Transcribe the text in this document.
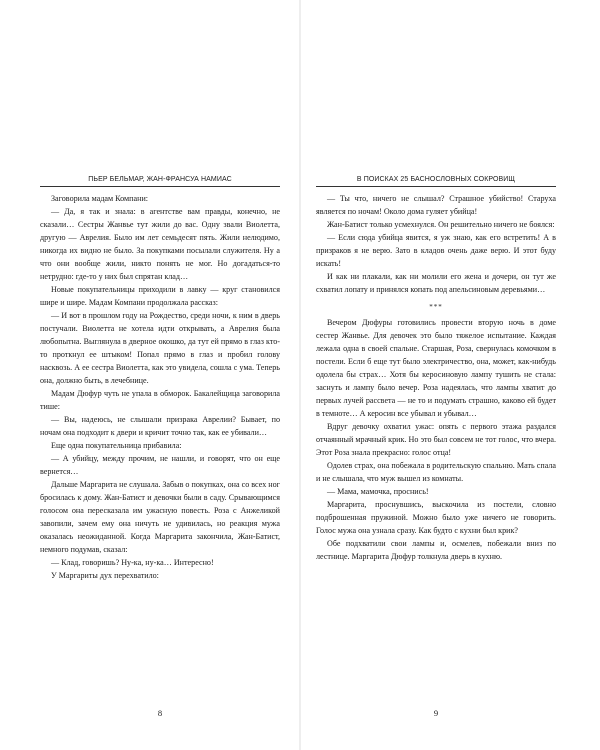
ПЬЕР БЕЛЬМАР, ЖАН-ФРАНСУА НАМИАС

Заговорила мадам Компани:

— Да, я так и знала: в агентстве вам правды, конечно, не сказали… Сестры Жанвье тут жили до вас. Одну звали Виолетта, другую — Аврелия. Было им лет семьдесят пять. Жили нелюдимо, никогда их видно не было. За покупками посылали служителя. Ну а что они вообще жили, никто понять не мог. Но догадаться-то нетрудно: где-то у них был спрятан клад…

Новые покупательницы приходили в лавку — круг становился шире и шире. Мадам Компани продолжала рассказ:

— И вот в прошлом году на Рождество, среди ночи, к ним в дверь постучали. Виолетта не хотела идти открывать, а Аврелия была любопытна. Выглянула в дверное окошко, да тут ей прямо в глаз кто-то проткнул ее штыком! Попал прямо в глаз и пробил голову насквозь. А ее сестра Виолетта, как это увидела, сошла с ума. Теперь она, должно быть, в лечебнице.

Мадам Дюфур чуть не упала в обморок. Бакалейщица заговорила тише:

— Вы, надеюсь, не слышали призрака Аврелии? Бывает, по ночам она подходит к двери и кричит точно так, как ее убивали…

Еще одна покупательница прибавила:

— А убийцу, между прочим, не нашли, и говорят, что он еще вернется…

Дальше Маргарита не слушала. Забыв о покупках, она со всех ног бросилась к дому. Жан-Батист и девочки были в саду. Срывающимся голосом она пересказала им ужасную повесть. Роза с Анжеликой завопили, зачем ему она ничуть не удивилась, но реакция мужа оказалась неожиданной. Когда Маргарита закончила, Жан-Батист, немного подумав, сказал:

— Клад, говоришь? Ну-ка, ну-ка… Интересно!

У Маргариты дух перехватило:

8
В ПОИСКАХ 25 БАСНОСЛОВНЫХ СОКРОВИЩ

— Ты что, ничего не слышал? Страшное убийство! Старуха является по ночам! Около дома гуляет убийца!

Жан-Батист только усмехнулся. Он решительно ничего не боялся:

— Если сюда убийца явится, я уж знаю, как его встретить! А в призраков я не верю. Зато в кладов очень даже верю. И этот буду искать!

И как ни плакали, как ни молили его жена и дочери, он тут же схватил лопату и принялся копать под апельсиновым деревьями…

***

Вечером Дюфуры готовились провести вторую ночь в доме сестер Жанвье. Для девочек это было тяжелое испытание. Каждая лежала одна в своей спальне. Старшая, Роза, свернулась комочком в постели. Если б еще тут было электричество, она, может, как-нибудь одолела бы страх… Хотя бы керосиновую лампу тушить не стала: заснуть и лампу было вечер. Роза надеялась, что лампы хватит до первых лучей рассвета — не то и подумать страшно, каково ей будет в темноте… А керосин все убывал и убывал…

Вдруг девочку охватил ужас: опять с первого этажа раздался отчаянный мрачный крик. Но это был совсем не тот голос, что вчера. Этот Роза знала прекрасно: голос отца!

Одолев страх, она побежала в родительскую спальню. Мать спала и не слышала, что муж вышел из комнаты.

— Мама, мамочка, проснись!

Маргарита, проснувшись, выскочила из постели, словно подброшенная пружиной. Можно было уже ничего не говорить. Голос мужа она узнала сразу. Как будто с кухни был крик?

Обе подхватили свои лампы и, осмелев, побежали вниз по лестнице. Маргарита Дюфур толкнула дверь в кухню.

9
